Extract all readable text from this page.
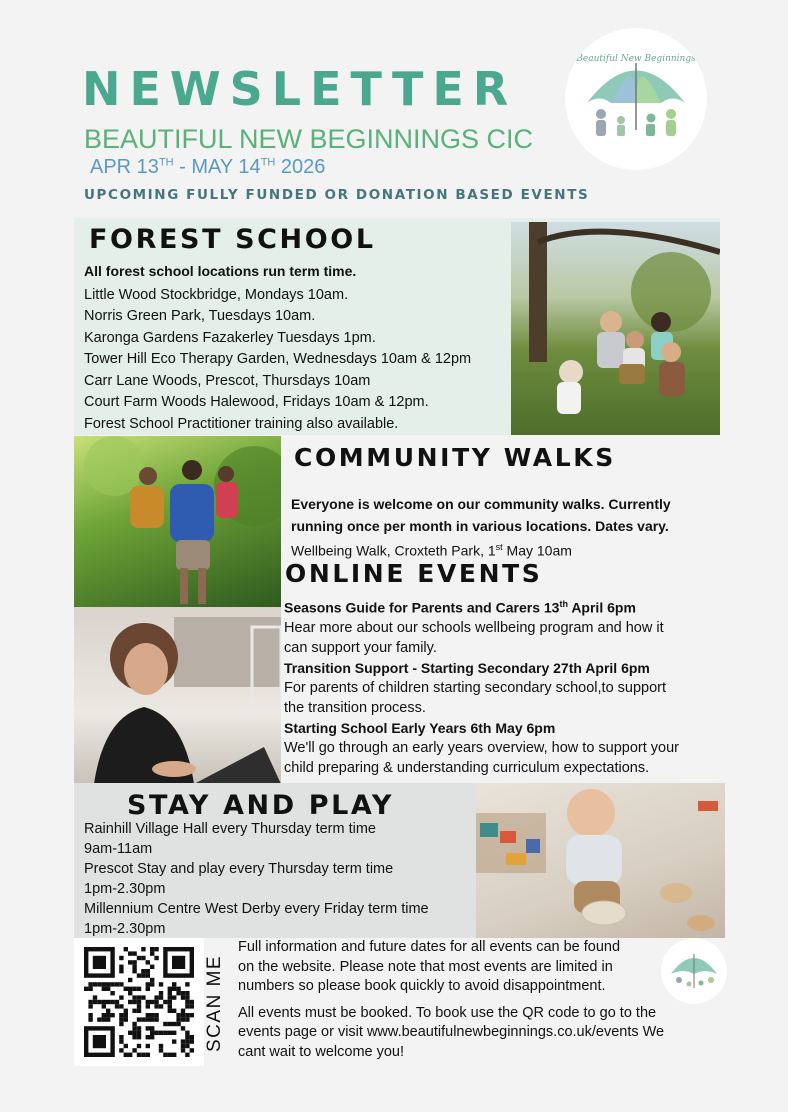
NEWSLETTER
BEAUTIFUL NEW BEGINNINGS CIC
APR 13TH - MAY 14TH 2026
UPCOMING FULLY FUNDED OR DONATION BASED EVENTS
Beautiful New Beginnings
FOREST SCHOOL
All forest school locations run term time.
Little Wood Stockbridge, Mondays 10am.
Norris Green Park, Tuesdays 10am.
Karonga Gardens Fazakerley Tuesdays 1pm.
Tower Hill Eco Therapy Garden, Wednesdays 10am & 12pm
Carr Lane Woods, Prescot, Thursdays 10am
Court Farm Woods Halewood, Fridays 10am & 12pm.
Forest School Practitioner training also available.
COMMUNITY WALKS
Everyone is welcome on our community walks. Currently
running once per month in various locations. Dates vary.
Wellbeing Walk, Croxteth Park, 1st May 10am
ONLINE EVENTS
Seasons Guide for Parents and Carers 13th April 6pm
Hear more about our schools wellbeing program and how it
can support your family.
Transition Support - Starting Secondary 27th April 6pm
For parents of children starting secondary school,to support
the transition process.
Starting School Early Years 6th May 6pm
We'll go through an early years overview, how to support your
child preparing & understanding curriculum expectations.
STAY AND PLAY
Rainhill Village Hall every Thursday term time
9am-11am
Prescot Stay and play every Thursday term time
1pm-2.30pm
Millennium Centre West Derby every Friday term time
1pm-2.30pm
SCAN ME
Full information and future dates for all events can be found
on the website. Please note that most events are limited in
numbers so please book quickly to avoid disappointment.
All events must be booked. To book use the QR code to go to the
events page or visit www.beautifulnewbeginnings.co.uk/events We
cant wait to welcome you!
